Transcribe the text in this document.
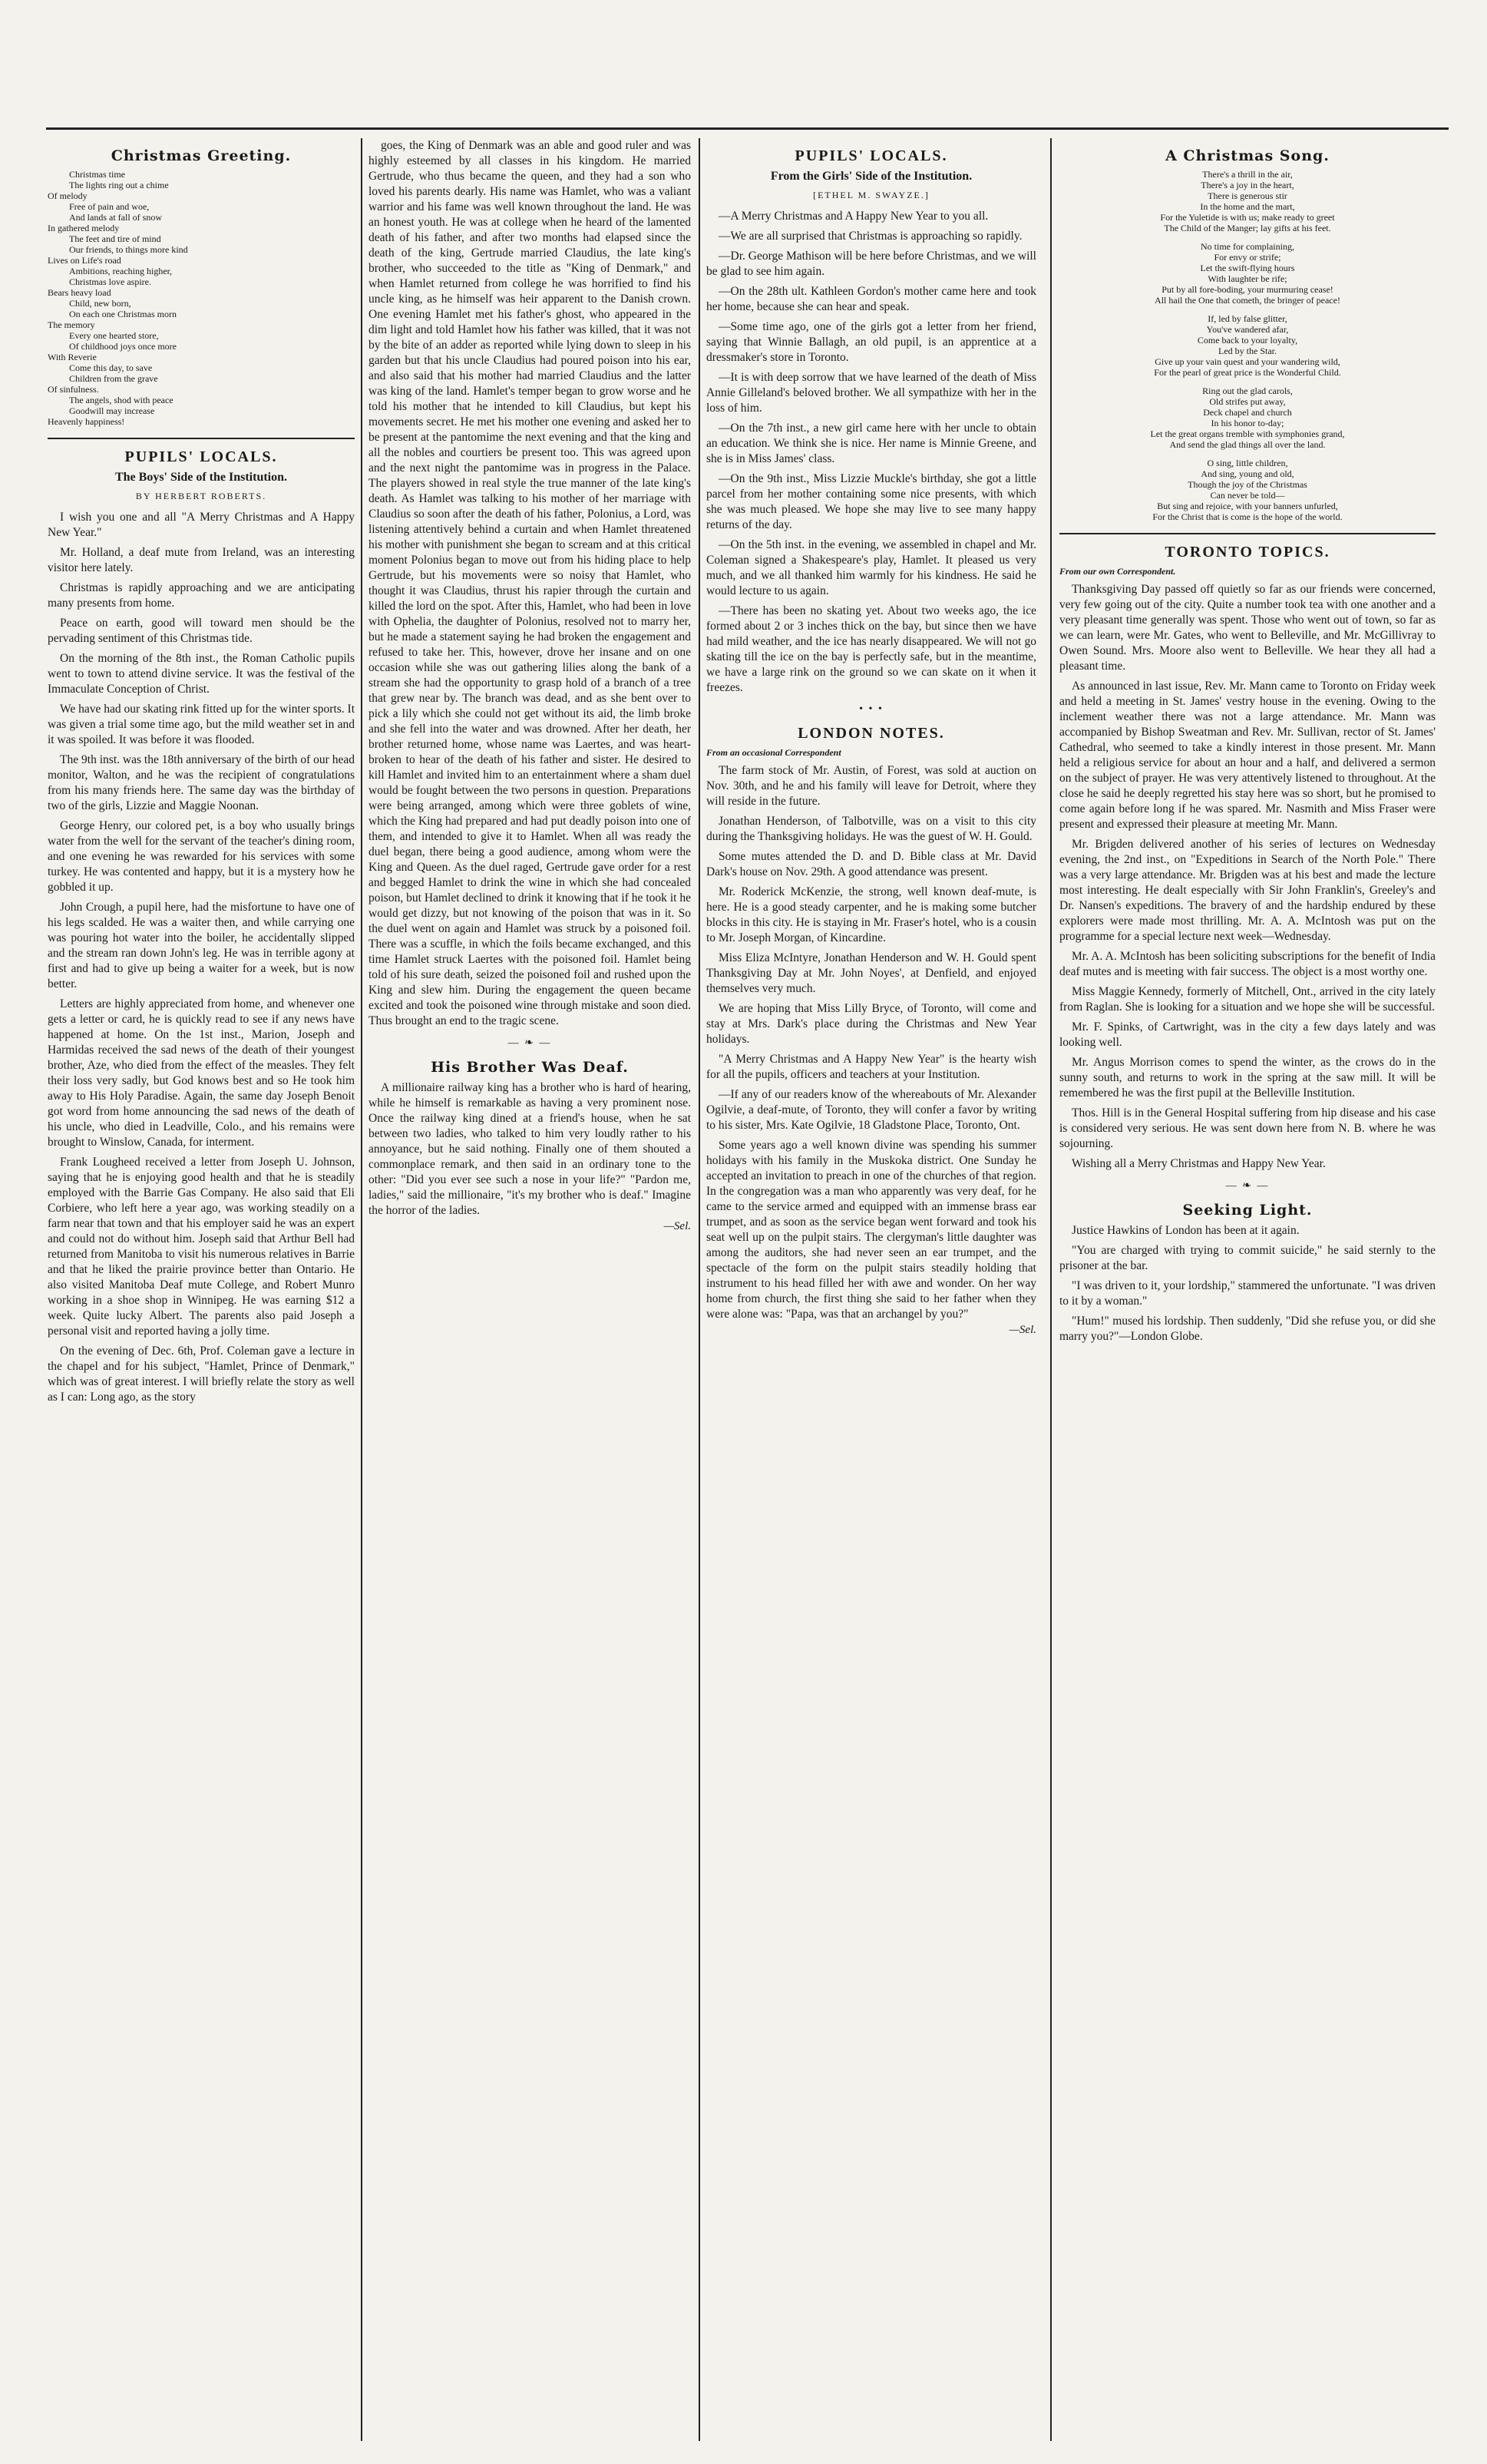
Christmas Greeting.
Christmas time
The lights ring out a chime
Of melody
Free of pain and woe,
And lands at fall of snow
In gathered melody
The feet and tire of mind
Our friends, to things more kind
Lives on Life's road
Ambitions, reaching higher,
Christmas love aspire.
Bears heavy load
Child, new born,
On each one Christmas morn
The memory
Every one hearted store,
Of childhood joys once more
With Reverie
Come this day, to save
Children from the grave
Of sinfulness.
The angels, shod with peace
Goodwill may increase
Heavenly happiness!
PUPILS' LOCALS.
The Boys' Side of the Institution.
BY HERBERT ROBERTS.

I wish you one and all "A Merry Christmas and A Happy New Year."

Mr. Holland, a deaf mute from Ireland, was an interesting visitor here lately.

Christmas is rapidly approaching and we are anticipating many presents from home.

Peace on earth, good will toward men should be the pervading sentiment of this Christmas tide.

On the morning of the 8th inst., the Roman Catholic pupils went to town to attend divine service. It was the festival of the Immaculate Conception of Christ.

We have had our skating rink fitted up for the winter sports. It was given a trial some time ago, but the mild weather set in and it was spoiled. It was before it was flooded.

The 9th inst. was the 18th anniversary of the birth of our head monitor, Walton, and he was the recipient of congratulations from his many friends here. The same day was the birthday of two of the girls, Lizzie and Maggie Noonan.

George Henry, our colored pet, is a boy who usually brings water from the well for the servant of the teacher's dining room, and one evening he was rewarded for his services with some turkey. He was contented and happy, but it is a mystery how he gobbled it up.

John Crough, a pupil here, had the misfortune to have one of his legs scalded. He was a waiter then, and while carrying one was pouring hot water into the boiler, he accidentally slipped and the stream ran down John's leg. He was in terrible agony at first and had to give up being a waiter for a week, but is now better.

Letters are highly appreciated from home, and whenever one gets a letter or card, he is quickly read to see if any news have happened at home. On the 1st inst., Marion, Joseph and Harmidas received the sad news of the death of their youngest brother, Aze, who died from the effect of the measles. They felt their loss very sadly, but God knows best and so He took him away to His Holy Paradise. Again, the same day Joseph Benoit got word from home announcing the sad news of the death of his uncle, who died in Leadville, Colo., and his remains were brought to Winslow, Canada, for interment.

Frank Lougheed received a letter from Joseph U. Johnson, saying that he is enjoying good health and that he is steadily employed with the Barrie Gas Company. He also said that Eli Corbiere, who left here a year ago, was working steadily on a farm near that town and that his employer said he was an expert and could not do without him. Joseph said that Arthur Bell had returned from Manitoba to visit his numerous relatives in Barrie and that he liked the prairie province better than Ontario. He also visited Manitoba Deaf mute College, and Robert Munro working in a shoe shop in Winnipeg. He was earning $12 a week. Quite lucky Albert. The parents also paid Joseph a personal visit and reported having a jolly time.

On the evening of Dec. 6th, Prof. Coleman gave a lecture in the chapel and for his subject, "Hamlet, Prince of Denmark," which was of great interest. I will briefly relate the story as well as I can: Long ago, as the story

goes, the King of Denmark was an able and good ruler and was highly esteemed by all classes in his kingdom. He married Gertrude, who thus became the queen, and they had a son who loved his parents dearly. His name was Hamlet, who was a valiant warrior and his fame was well known throughout the land. He was an honest youth. He was at college when he heard of the lamented death of his father, and after two months had elapsed since the death of the king, Gertrude married Claudius, the late king's brother, who succeeded to the title as "King of Denmark," and when Hamlet returned from college he was horrified to find his uncle king, as he himself was heir apparent to the Danish crown. One evening Hamlet met his father's ghost, who appeared in the dim light and told Hamlet how his father was killed, that it was not by the bite of an adder as reported while lying down to sleep in his garden but that his uncle Claudius had poured poison into his ear, and also said that his mother had married Claudius and the latter was king of the land. Hamlet's temper began to grow worse and he told his mother that he intended to kill Claudius, but kept his movements secret. He met his mother one evening and asked her to be present at the pantomime the next evening and that the king and all the nobles and courtiers be present too. This was agreed upon and the next night the pantomime was in progress in the Palace. The players showed in real style the true manner of the late king's death. As Hamlet was talking to his mother of her marriage with Claudius so soon after the death of his father, Polonius, a Lord, was listening attentively behind a curtain and when Hamlet threatened his mother with punishment she began to scream and at this critical moment Polonius began to move out from his hiding place to help Gertrude, but his movements were so noisy that Hamlet, who thought it was Claudius, thrust his rapier through the curtain and killed the lord on the spot. After this, Hamlet, who had been in love with Ophelia, the daughter of Polonius, resolved not to marry her, but he made a statement saying he had broken the engagement and refused to take her. This, however, drove her insane and on one occasion while she was out gathering lilies along the bank of a stream she had the opportunity to grasp hold of a branch of a tree that grew near by. The branch was dead, and as she bent over to pick a lily which she could not get without its aid, the limb broke and she fell into the water and was drowned. After her death, her brother returned home, whose name was Laertes, and was heart-broken to hear of the death of his father and sister. He desired to kill Hamlet and invited him to an entertainment where a sham duel would be fought between the two persons in question. Preparations were being arranged, among which were three goblets of wine, which the King had prepared and had put deadly poison into one of them, and intended to give it to Hamlet. When all was ready the duel began, there being a good audience, among whom were the King and Queen. As the duel raged, Gertrude gave order for a rest and begged Hamlet to drink the wine in which she had concealed poison, but Hamlet declined to drink it knowing that if he took it he would get dizzy, but not knowing of the poison that was in it. So the duel went on again and Hamlet was struck by a poisoned foil. There was a scuffle, in which the foils became exchanged, and this time Hamlet struck Laertes with the poisoned foil. Hamlet being told of his sure death, seized the poisoned foil and rushed upon the King and slew him. During the engagement the queen became excited and took the poisoned wine through mistake and soon died. Thus brought an end to the tragic scene.

— ❧ —
His Brother Was Deaf.

A millionaire railway king has a brother who is hard of hearing, while he himself is remarkable as having a very prominent nose. Once the railway king dined at a friend's house, when he sat between two ladies, who talked to him very loudly rather to his annoyance, but he said nothing. Finally one of them shouted a commonplace remark, and then said in an ordinary tone to the other: "Did you ever see such a nose in your life?" "Pardon me, ladies," said the millionaire, "it's my brother who is deaf." Imagine the horror of the ladies.

—Sel.
PUPILS' LOCALS.
From the Girls' Side of the Institution.
[ETHEL M. SWAYZE.]

—A Merry Christmas and A Happy New Year to you all.

—We are all surprised that Christmas is approaching so rapidly.

—Dr. George Mathison will be here before Christmas, and we will be glad to see him again.

—On the 28th ult. Kathleen Gordon's mother came here and took her home, because she can hear and speak.

—Some time ago, one of the girls got a letter from her friend, saying that Winnie Ballagh, an old pupil, is an apprentice at a dressmaker's store in Toronto.

—It is with deep sorrow that we have learned of the death of Miss Annie Gilleland's beloved brother. We all sympathize with her in the loss of him.

—On the 7th inst., a new girl came here with her uncle to obtain an education. We think she is nice. Her name is Minnie Greene, and she is in Miss James' class.

—On the 9th inst., Miss Lizzie Muckle's birthday, she got a little parcel from her mother containing some nice presents, with which she was much pleased. We hope she may live to see many happy returns of the day.

—On the 5th inst. in the evening, we assembled in chapel and Mr. Coleman signed a Shakespeare's play, Hamlet. It pleased us very much, and we all thanked him warmly for his kindness. He said he would lecture to us again.

—There has been no skating yet. About two weeks ago, the ice formed about 2 or 3 inches thick on the bay, but since then we have had mild weather, and the ice has nearly disappeared. We will not go skating till the ice on the bay is perfectly safe, but in the meantime, we have a large rink on the ground so we can skate on it when it freezes.

• • •
LONDON NOTES.
From an occasional Correspondent

The farm stock of Mr. Austin, of Forest, was sold at auction on Nov. 30th, and he and his family will leave for Detroit, where they will reside in the future.

Jonathan Henderson, of Talbotville, was on a visit to this city during the Thanksgiving holidays. He was the guest of W. H. Gould.

Some mutes attended the D. and D. Bible class at Mr. David Dark's house on Nov. 29th. A good attendance was present.

Mr. Roderick McKenzie, the strong, well known deaf-mute, is here. He is a good steady carpenter, and he is making some butcher blocks in this city. He is staying in Mr. Fraser's hotel, who is a cousin to Mr. Joseph Morgan, of Kincardine.

Miss Eliza McIntyre, Jonathan Henderson and W. H. Gould spent Thanksgiving Day at Mr. John Noyes', at Denfield, and enjoyed themselves very much.

We are hoping that Miss Lilly Bryce, of Toronto, will come and stay at Mrs. Dark's place during the Christmas and New Year holidays.

"A Merry Christmas and A Happy New Year" is the hearty wish for all the pupils, officers and teachers at your Institution.

—If any of our readers know of the whereabouts of Mr. Alexander Ogilvie, a deaf-mute, of Toronto, they will confer a favor by writing to his sister, Mrs. Kate Ogilvie, 18 Gladstone Place, Toronto, Ont.

Some years ago a well known divine was spending his summer holidays with his family in the Muskoka district. One Sunday he accepted an invitation to preach in one of the churches of that region. In the congregation was a man who apparently was very deaf, for he came to the service armed and equipped with an immense brass ear trumpet, and as soon as the service began went forward and took his seat well up on the pulpit stairs. The clergyman's little daughter was among the auditors, she had never seen an ear trumpet, and the spectacle of the form on the pulpit stairs steadily holding that instrument to his head filled her with awe and wonder. On her way home from church, the first thing she said to her father when they were alone was: "Papa, was that an archangel by you?"

—Sel.
A Christmas Song.
There's a thrill in the air,
There's a joy in the heart,
There is generous stir
In the home and the mart,
For the Yuletide is with us; make ready to greet
The Child of the Manger; lay gifts at his feet.
No time for complaining,
For envy or strife;
Let the swift-flying hours
With laughter be rife;
Put by all fore-boding, your murmuring cease!
All hail the One that cometh, the bringer of peace!
If, led by false glitter,
You've wandered afar,
Come back to your loyalty,
Led by the Star.
Give up your vain quest and your wandering wild,
For the pearl of great price is the Wonderful Child.
Ring out the glad carols,
Old strifes put away,
Deck chapel and church
In his honor to-day;
Let the great organs tremble with symphonies grand,
And send the glad things all over the land.
O sing, little children,
And sing, young and old,
Though the joy of the Christmas
Can never be told—
But sing and rejoice, with your banners unfurled,
For the Christ that is come is the hope of the world.
TORONTO TOPICS.
From our own Correspondent.

Thanksgiving Day passed off quietly so far as our friends were concerned, very few going out of the city. Quite a number took tea with one another and a very pleasant time generally was spent. Those who went out of town, so far as we can learn, were Mr. Gates, who went to Belleville, and Mr. McGillivray to Owen Sound. Mrs. Moore also went to Belleville. We hear they all had a pleasant time.

As announced in last issue, Rev. Mr. Mann came to Toronto on Friday week and held a meeting in St. James' vestry house in the evening. Owing to the inclement weather there was not a large attendance. Mr. Mann was accompanied by Bishop Sweatman and Rev. Mr. Sullivan, rector of St. James' Cathedral, who seemed to take a kindly interest in those present. Mr. Mann held a religious service for about an hour and a half, and delivered a sermon on the subject of prayer. He was very attentively listened to throughout. At the close he said he deeply regretted his stay here was so short, but he promised to come again before long if he was spared. Mr. Nasmith and Miss Fraser were present and expressed their pleasure at meeting Mr. Mann.

Mr. Brigden delivered another of his series of lectures on Wednesday evening, the 2nd inst., on "Expeditions in Search of the North Pole." There was a very large attendance. Mr. Brigden was at his best and made the lecture most interesting. He dealt especially with Sir John Franklin's, Greeley's and Dr. Nansen's expeditions. The bravery of and the hardship endured by these explorers were made most thrilling. Mr. A. A. McIntosh was put on the programme for a special lecture next week—Wednesday.

Mr. A. A. McIntosh has been soliciting subscriptions for the benefit of India deaf mutes and is meeting with fair success. The object is a most worthy one.

Miss Maggie Kennedy, formerly of Mitchell, Ont., arrived in the city lately from Raglan. She is looking for a situation and we hope she will be successful.

Mr. F. Spinks, of Cartwright, was in the city a few days lately and was looking well.

Mr. Angus Morrison comes to spend the winter, as the crows do in the sunny south, and returns to work in the spring at the saw mill. It will be remembered he was the first pupil at the Belleville Institution.

Thos. Hill is in the General Hospital suffering from hip disease and his case is considered very serious. He was sent down here from N. B. where he was sojourning.

Wishing all a Merry Christmas and Happy New Year.

— ❧ —
Seeking Light.

Justice Hawkins of London has been at it again.

"You are charged with trying to commit suicide," he said sternly to the prisoner at the bar.

"I was driven to it, your lordship," stammered the unfortunate. "I was driven to it by a woman."

"Hum!" mused his lordship. Then suddenly, "Did she refuse you, or did she marry you?"—London Globe.
